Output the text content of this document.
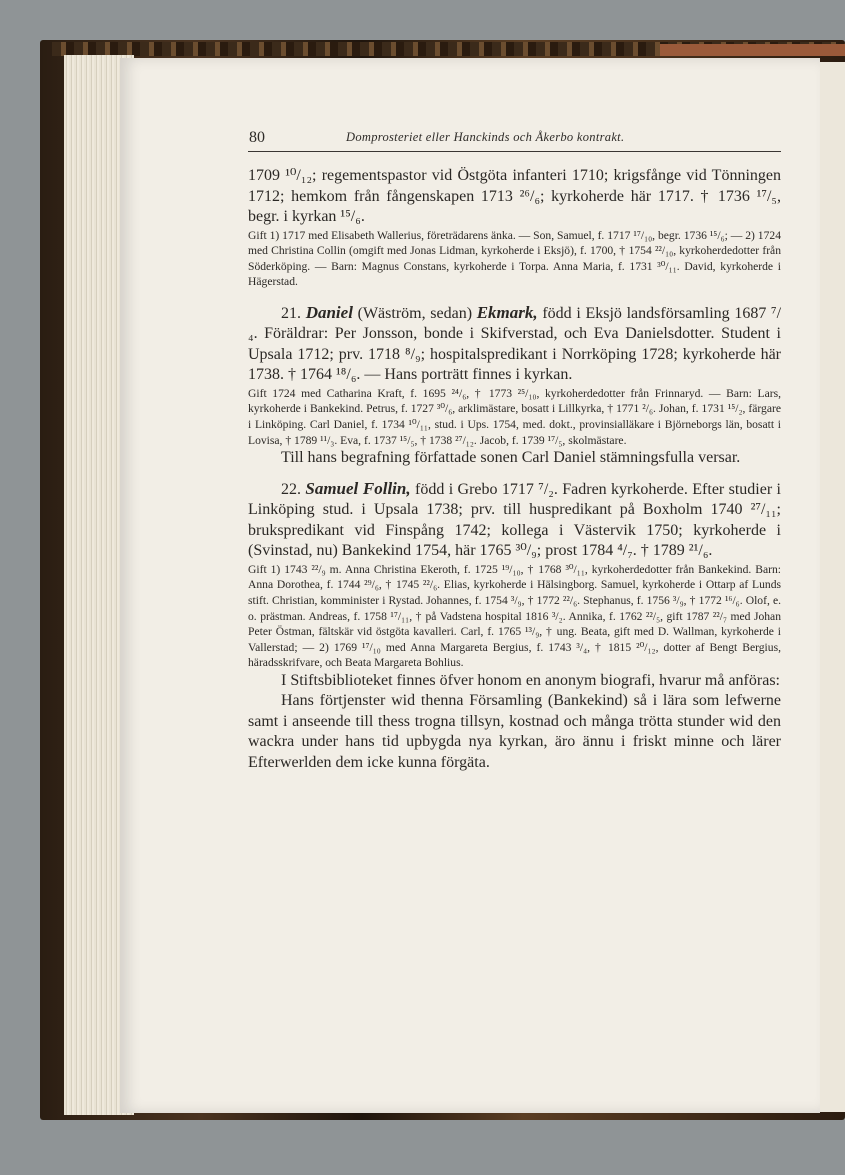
80	Domprosteriet eller Hanckinds och Åkerbo kontrakt.

1709 ¹⁰/₁₂; regementspastor vid Östgöta infanteri 1710; krigsfånge vid Tönningen 1712; hemkom från fångenskapen 1713 ²⁶/₆; kyrkoherde här 1717. † 1736 ¹⁷/₅, begr. i kyrkan ¹⁵/₆.

Gift 1) 1717 med Elisabeth Wallerius, företrädarens änka. — Son, Samuel, f. 1717 ¹⁷/₁₀, begr. 1736 ¹⁵/₆; — 2) 1724 med Christina Collin (omgift med Jonas Lidman, kyrkoherde i Eksjö), f. 1700, † 1754 ²²/₁₀, kyrkoherdedotter från Söderköping. — Barn: Magnus Constans, kyrkoherde i Torpa. Anna Maria, f. 1731 ³⁰/₁₁. David, kyrkoherde i Hägerstad.

21. Daniel (Wäström, sedan) Ekmark, född i Eksjö landsförsamling 1687 ⁷/₄. Föräldrar: Per Jonsson, bonde i Skifverstad, och Eva Danielsdotter. Student i Upsala 1712; prv. 1718 ⁸/₉; hospitalspredikant i Norrköping 1728; kyrkoherde här 1738. † 1764 ¹⁸/₆. — Hans porträtt finnes i kyrkan.

Gift 1724 med Catharina Kraft, f. 1695 ²⁴/₆, † 1773 ²⁵/₁₀, kyrkoherdedotter från Frinnaryd. — Barn: Lars, kyrkoherde i Bankekind. Petrus, f. 1727 ³⁰/₆, arklimästare, bosatt i Lillkyrka, † 1771 ²/₆. Johan, f. 1731 ¹⁵/₂, färgare i Linköping. Carl Daniel, f. 1734 ¹⁰/₁₁, stud. i Ups. 1754, med. dokt., provinsialläkare i Björneborgs län, bosatt i Lovisa, † 1789 ¹¹/₃. Eva, f. 1737 ¹⁵/₅, † 1738 ²⁷/₁₂. Jacob, f. 1739 ¹⁷/₅, skolmästare.

Till hans begrafning författade sonen Carl Daniel stämningsfulla versar.

22. Samuel Follin, född i Grebo 1717 ⁷/₂. Fadren kyrkoherde. Efter studier i Linköping stud. i Upsala 1738; prv. till huspredikant på Boxholm 1740 ²⁷/₁₁; brukspredikant vid Finspång 1742; kollega i Västervik 1750; kyrkoherde i (Svinstad, nu) Bankekind 1754, här 1765 ³⁰/₉; prost 1784 ⁴/₇. † 1789 ²¹/₆.

Gift 1) 1743 ²²/₉ m. Anna Christina Ekeroth, f. 1725 ¹⁹/₁₀, † 1768 ³⁰/₁₁, kyrkoherdedotter från Bankekind. Barn: Anna Dorothea, f. 1744 ²⁹/₆, † 1745 ²²/₆. Elias, kyrkoherde i Hälsingborg. Samuel, kyrkoherde i Ottarp af Lunds stift. Christian, komminister i Rystad. Johannes, f. 1754 ³/₉, † 1772 ²²/₆. Stephanus, f. 1756 ³/₉, † 1772 ¹⁶/₆. Olof, e. o. prästman. Andreas, f. 1758 ¹⁷/₁₁, † på Vadstena hospital 1816 ³/₂. Annika, f. 1762 ²²/₅, gift 1787 ²²/₇ med Johan Peter Östman, fältskär vid östgöta kavalleri. Carl, f. 1765 ¹³/₉, † ung. Beata, gift med D. Wallman, kyrkoherde i Vallerstad; — 2) 1769 ¹⁷/₁₀ med Anna Margareta Bergius, f. 1743 ³/₄, † 1815 ²⁰/₁₂, dotter af Bengt Bergius, häradsskrifvare, och Beata Margareta Bohlius.

I Stiftsbiblioteket finnes öfver honom en anonym biografi, hvarur må anföras:

Hans förtjenster wid thenna Församling (Bankekind) så i lära som lefwerne samt i anseende till thess trogna tillsyn, kostnad och många trötta stunder wid den wackra under hans tid upbygda nya kyrkan, äro ännu i friskt minne och lärer Efterwerlden dem icke kunna förgäta.
